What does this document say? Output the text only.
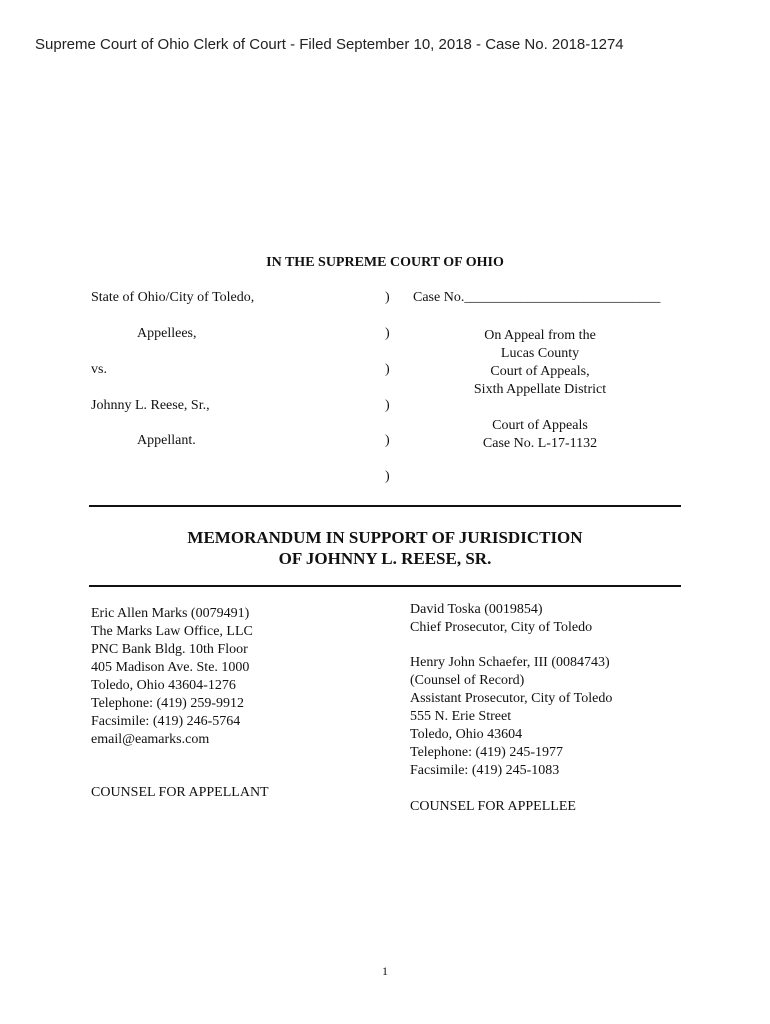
Supreme Court of Ohio Clerk of Court - Filed September 10, 2018 - Case No. 2018-1274
IN THE SUPREME COURT OF OHIO
State of Ohio/City of Toledo,
Appellees,
vs.
Johnny L. Reese, Sr.,
Appellant.
)
)
)
)
)
)
Case No.____________________________
On Appeal from the
Lucas County
Court of Appeals,
Sixth Appellate District
Court of Appeals
Case No. L-17-1132
MEMORANDUM IN SUPPORT OF JURISDICTION
OF JOHNNY L. REESE, SR.
Eric Allen Marks (0079491)
The Marks Law Office, LLC
PNC Bank Bldg. 10th Floor
405 Madison Ave. Ste. 1000
Toledo, Ohio 43604-1276
Telephone: (419) 259-9912
Facsimile: (419) 246-5764
email@eamarks.com
COUNSEL FOR APPELLANT
David Toska (0019854)
Chief Prosecutor, City of Toledo
Henry John Schaefer, III (0084743)
(Counsel of Record)
Assistant Prosecutor, City of Toledo
555 N. Erie Street
Toledo, Ohio 43604
Telephone: (419) 245-1977
Facsimile: (419) 245-1083
COUNSEL FOR APPELLEE
1
